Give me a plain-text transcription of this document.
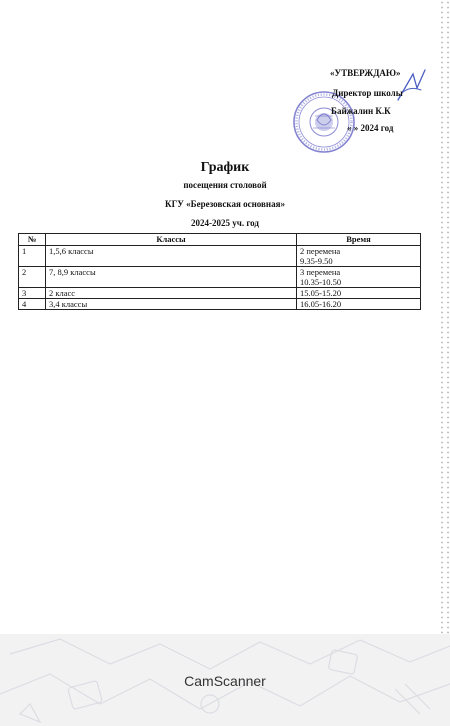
«УТВЕРЖДАЮ»
Директор школы
Байжалин К.К
« » 2024 год
График
посещения столовой
КГУ «Березовская основная»
2024-2025 уч. год
№	Классы	Время
1	1,5,6 классы	2 перемена
9.35-9.50

2	7, 8,9 классы	3 перемена
10.35-10.50

3	2 класс	15.05-15.20
4	3,4 классы	16.05-16.20
CamScanner
